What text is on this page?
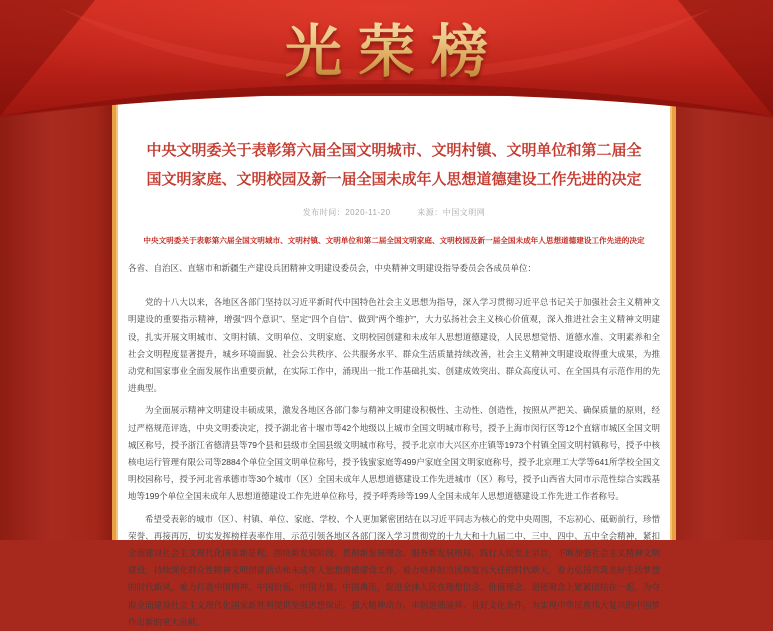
中央文明委关于表彰第六届全国文明城市、文明村镇、文明单位和第二届全国文明家庭、文明校园及新一届全国未成年人思想道德建设工作先进的决定
发布时间：2020-11-20	来源：中国文明网
中央文明委关于表彰第六届全国文明城市、文明村镇、文明单位和第二届全国文明家庭、文明校园及新一届全国未成年人思想道德建设工作先进的决定

各省、自治区、直辖市和新疆生产建设兵团精神文明建设委员会，中央精神文明建设指导委员会各成员单位：

党的十八大以来，各地区各部门坚持以习近平新时代中国特色社会主义思想为指导，深入学习贯彻习近平总书记关于加强社会主义精神文明建设的重要指示精神，增强“四个意识”、坚定“四个自信”、做到“两个维护”，大力弘扬社会主义核心价值观，深入推进社会主义精神文明建设，扎实开展文明城市、文明村镇、文明单位、文明家庭、文明校园创建和未成年人思想道德建设，人民思想觉悟、道德水准、文明素养和全社会文明程度显著提升，城乡环境面貌、社会公共秩序、公共服务水平、群众生活质量持续改善，社会主义精神文明建设取得重大成果，为推动党和国家事业全面发展作出重要贡献，在实际工作中，涌现出一批工作基础扎实、创建成效突出、群众高度认可、在全国具有示范作用的先进典型。

为全面展示精神文明建设丰硕成果，激发各地区各部门参与精神文明建设积极性、主动性、创造性，按照从严把关、确保质量的原则，经过严格规范评选，中央文明委决定，授予湖北省十堰市等42个地级以上城市全国文明城市称号，授予上海市闵行区等12个直辖市城区全国文明城区称号，授予浙江省德清县等79个县和县级市全国县级文明城市称号，授予北京市大兴区亦庄镇等1973个村镇全国文明村镇称号，授予中核核电运行管理有限公司等2884个单位全国文明单位称号，授予钱蜜家庭等499户家庭全国文明家庭称号，授予北京理工大学等641所学校全国文明校园称号，授予河北省承德市等30个城市（区）全国未成年人思想道德建设工作先进城市（区）称号，授予山西省大同市示范性综合实践基地等199个单位全国未成年人思想道德建设工作先进单位称号，授予呼秀珍等199人全国未成年人思想道德建设工作先进工作者称号。

希望受表彰的城市（区）、村镇、单位、家庭、学校、个人更加紧密团结在以习近平同志为核心的党中央周围，不忘初心、砥砺前行，珍惜荣誉、再接再厉，切实发挥榜样表率作用，示范引领各地区各部门深入学习贯彻党的十九大和十九届二中、三中、四中、五中全会精神，紧扣全面建设社会主义现代化国家新征程，围绕新发展阶段、贯彻新发展理念、服务新发展格局，践行人民至上宗旨，不断加强社会主义精神文明建设，持续深化群众性精神文明创建活动和未成年人思想道德建设工作，着力培养担当民族复兴大任的时代新人，着力弘扬共筑美好生活梦想的时代新风，着力打造中国精神、中国价值、中国力量、中国典范，促进全体人民在理想信念、价值理念、道德观念上紧紧团结在一起，为夺取全面建设社会主义现代化国家新胜利提供坚强思想保证、强大精神动力、丰润道德滋养、良好文化条件，为实现中华民族伟大复兴的中国梦作出新的更大贡献。

光荣榜
